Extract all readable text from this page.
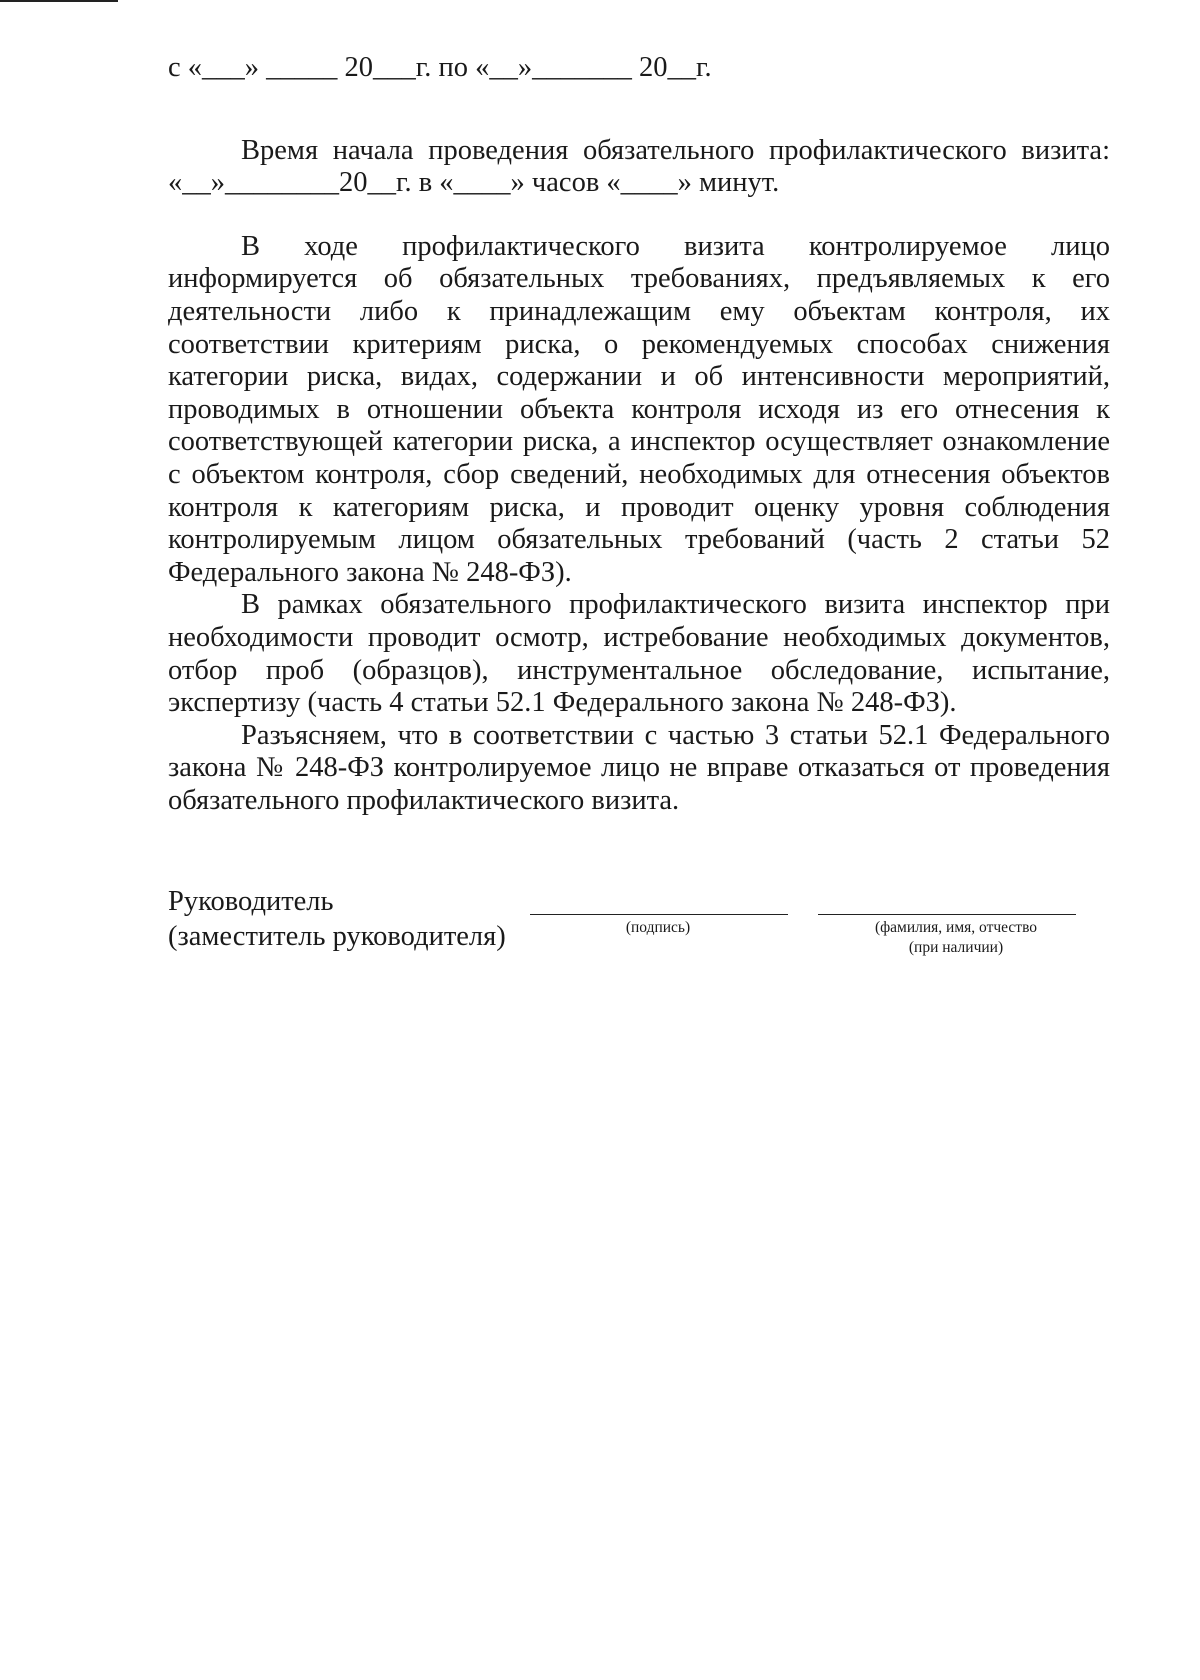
с «___» _____ 20___г. по «__»_______ 20__г.
Время начала проведения обязательного профилактического визита:
«__»________20__г. в «____» часов «____» минут.

В ходе профилактического визита контролируемое лицо информируется об обязательных требованиях, предъявляемых к его деятельности либо к принадлежащим ему объектам контроля, их соответствии критериям риска, о рекомендуемых способах снижения категории риска, видах, содержании и об интенсивности мероприятий, проводимых в отношении объекта контроля исходя из его отнесения к соответствующей категории риска, а инспектор осуществляет ознакомление с объектом контроля, сбор сведений, необходимых для отнесения объектов контроля к категориям риска, и проводит оценку уровня соблюдения контролируемым лицом обязательных требований (часть 2 статьи 52 Федерального закона № 248-ФЗ).

В рамках обязательного профилактического визита инспектор при необходимости проводит осмотр, истребование необходимых документов, отбор проб (образцов), инструментальное обследование, испытание, экспертизу (часть 4 статьи 52.1 Федерального закона № 248-ФЗ).

Разъясняем, что в соответствии с частью 3 статьи 52.1 Федерального закона № 248-ФЗ контролируемое лицо не вправе отказаться от проведения обязательного профилактического визита.

Руководитель
(заместитель руководителя)	(подпись)	(фамилия, имя, отчество
(при наличии)
